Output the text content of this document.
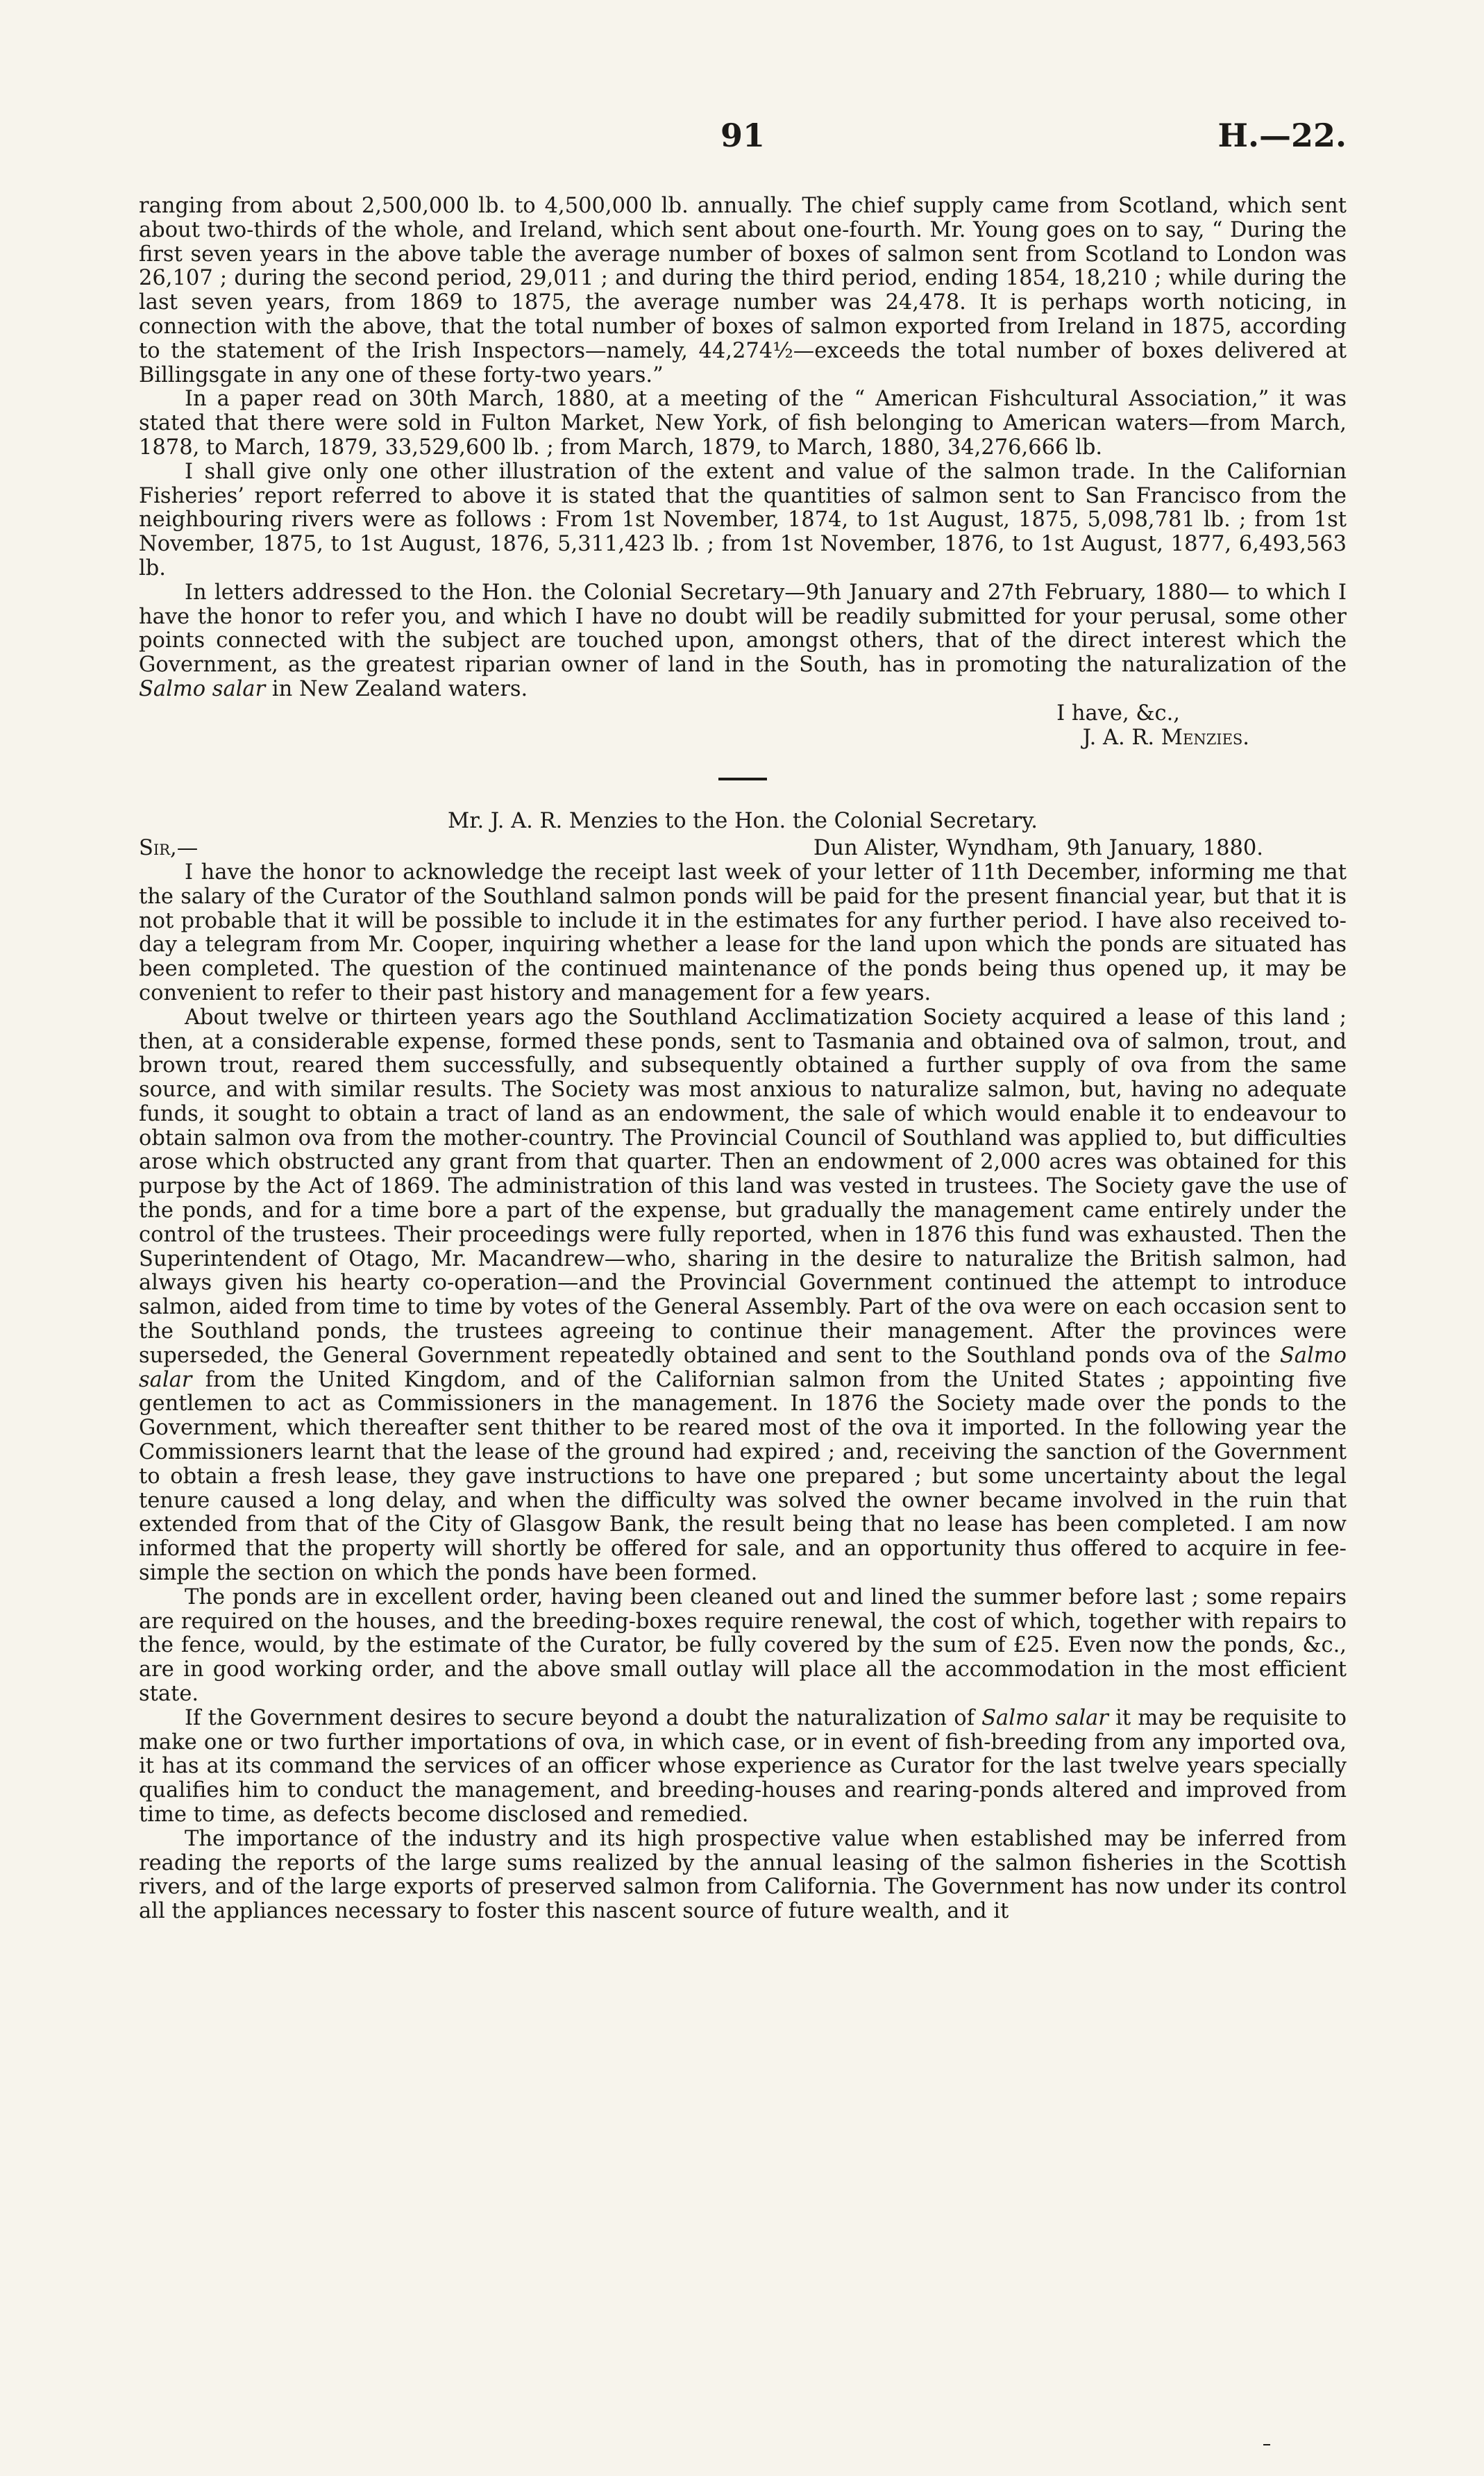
91	H.—22.

ranging from about 2,500,000 lb. to 4,500,000 lb. annually. The chief supply came from Scotland, which sent about two-thirds of the whole, and Ireland, which sent about one-fourth. Mr. Young goes on to say, “ During the first seven years in the above table the average number of boxes of salmon sent from Scotland to London was 26,107 ; during the second period, 29,011 ; and during the third period, ending 1854, 18,210 ; while during the last seven years, from 1869 to 1875, the average number was 24,478. It is perhaps worth noticing, in connection with the above, that the total number of boxes of salmon exported from Ireland in 1875, according to the statement of the Irish Inspectors—namely, 44,274½—exceeds the total number of boxes delivered at Billingsgate in any one of these forty-two years.”

In a paper read on 30th March, 1880, at a meeting of the “ American Fishcultural Association,” it was stated that there were sold in Fulton Market, New York, of fish belonging to American waters—from March, 1878, to March, 1879, 33,529,600 lb. ; from March, 1879, to March, 1880, 34,276,666 lb.

I shall give only one other illustration of the extent and value of the salmon trade. In the Californian Fisheries’ report referred to above it is stated that the quantities of salmon sent to San Francisco from the neighbouring rivers were as follows : From 1st November, 1874, to 1st August, 1875, 5,098,781 lb. ; from 1st November, 1875, to 1st August, 1876, 5,311,423 lb. ; from 1st November, 1876, to 1st August, 1877, 6,493,563 lb.

In letters addressed to the Hon. the Colonial Secretary—9th January and 27th February, 1880— to which I have the honor to refer you, and which I have no doubt will be readily submitted for your perusal, some other points connected with the subject are touched upon, amongst others, that of the direct interest which the Government, as the greatest riparian owner of land in the South, has in promoting the naturalization of the Salmo salar in New Zealand waters.

I have, &c.,

J. A. R. Menzies.

Mr. J. A. R. Menzies to the Hon. the Colonial Secretary.

Sir,—	Dun Alister, Wyndham, 9th January, 1880.

I have the honor to acknowledge the receipt last week of your letter of 11th December, informing me that the salary of the Curator of the Southland salmon ponds will be paid for the present financial year, but that it is not probable that it will be possible to include it in the estimates for any further period. I have also received to-day a telegram from Mr. Cooper, inquiring whether a lease for the land upon which the ponds are situated has been completed. The question of the continued maintenance of the ponds being thus opened up, it may be convenient to refer to their past history and management for a few years.

About twelve or thirteen years ago the Southland Acclimatization Society acquired a lease of this land ; then, at a considerable expense, formed these ponds, sent to Tasmania and obtained ova of salmon, trout, and brown trout, reared them successfully, and subsequently obtained a further supply of ova from the same source, and with similar results. The Society was most anxious to naturalize salmon, but, having no adequate funds, it sought to obtain a tract of land as an endowment, the sale of which would enable it to endeavour to obtain salmon ova from the mother-country. The Provincial Council of Southland was applied to, but difficulties arose which obstructed any grant from that quarter. Then an endowment of 2,000 acres was obtained for this purpose by the Act of 1869. The administration of this land was vested in trustees. The Society gave the use of the ponds, and for a time bore a part of the expense, but gradually the management came entirely under the control of the trustees. Their proceedings were fully reported, when in 1876 this fund was exhausted. Then the Superintendent of Otago, Mr. Macandrew—who, sharing in the desire to naturalize the British salmon, had always given his hearty co-operation—and the Provincial Government continued the attempt to introduce salmon, aided from time to time by votes of the General Assembly. Part of the ova were on each occasion sent to the Southland ponds, the trustees agreeing to continue their management. After the provinces were superseded, the General Government repeatedly obtained and sent to the Southland ponds ova of the Salmo salar from the United Kingdom, and of the Californian salmon from the United States ; appointing five gentlemen to act as Commissioners in the management. In 1876 the Society made over the ponds to the Government, which thereafter sent thither to be reared most of the ova it imported. In the following year the Commissioners learnt that the lease of the ground had expired ; and, receiving the sanction of the Government to obtain a fresh lease, they gave instructions to have one prepared ; but some uncertainty about the legal tenure caused a long delay, and when the difficulty was solved the owner became involved in the ruin that extended from that of the City of Glasgow Bank, the result being that no lease has been completed. I am now informed that the property will shortly be offered for sale, and an opportunity thus offered to acquire in fee-simple the section on which the ponds have been formed.

The ponds are in excellent order, having been cleaned out and lined the summer before last ; some repairs are required on the houses, and the breeding-boxes require renewal, the cost of which, together with repairs to the fence, would, by the estimate of the Curator, be fully covered by the sum of £25. Even now the ponds, &c., are in good working order, and the above small outlay will place all the accommodation in the most efficient state.

If the Government desires to secure beyond a doubt the naturalization of Salmo salar it may be requisite to make one or two further importations of ova, in which case, or in event of fish-breeding from any imported ova, it has at its command the services of an officer whose experience as Curator for the last twelve years specially qualifies him to conduct the management, and breeding-houses and rearing-ponds altered and improved from time to time, as defects become disclosed and remedied.

The importance of the industry and its high prospective value when established may be inferred from reading the reports of the large sums realized by the annual leasing of the salmon fisheries in the Scottish rivers, and of the large exports of preserved salmon from California. The Government has now under its control all the appliances necessary to foster this nascent source of future wealth, and it
